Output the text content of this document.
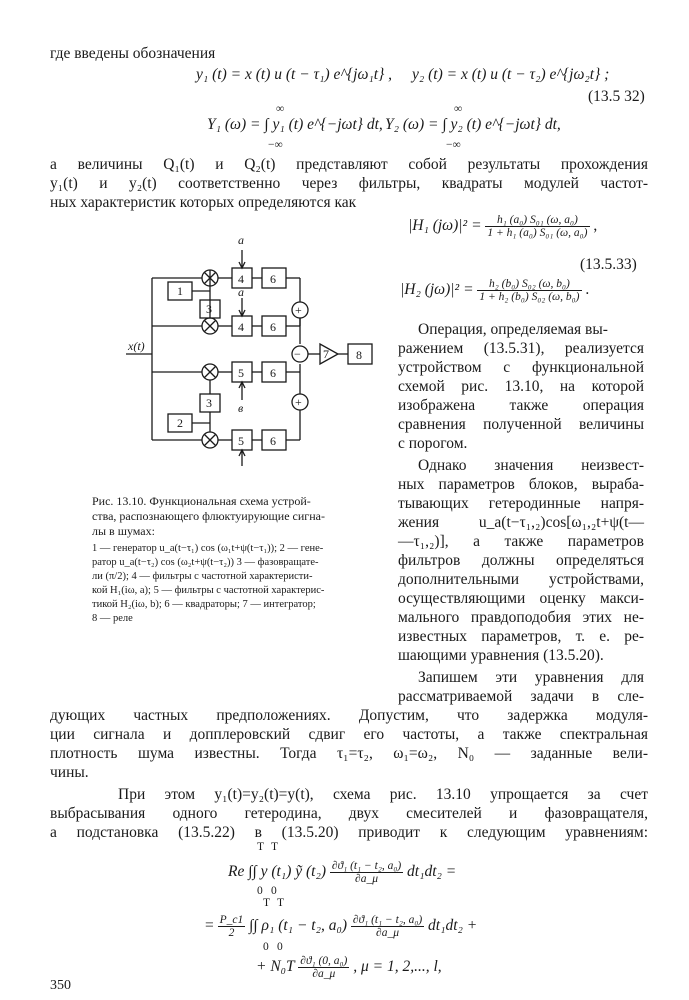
где введены обозначения
y₁ (t) = x (t) u (t − τ₁) e^{jω₁t} , y₂ (t) = x (t) u (t − τ₂) e^{jω₂t} ;
(13.5 32)
Y₁ (ω) = ∫ y₁ (t) e^{−jωt} dt,
∞
−∞
Y₂ (ω) = ∫ y₂ (t) e^{−jωt} dt,
∞
−∞
а величины Q₁(t) и Q₂(t) представляют собой результаты прохождения
y₁(t) и y₂(t) соответственно через фильтры, квадраты модулей частот-
ных характеристик которых определяются как
|H₁ $(j\omega)|^2 = \frac{\text{h₁ (a₀) S₀₁ (ω, a₀)}}{\text{1 + h₁ (a₀) S₀₁ (ω, a₀)}}$ ,
(13.5.33)
|H₂ $(j\omega)|^2 = \frac{\text{h₂ (b₀) S₀₂ (ω, b₀)}}{\text{1 + h₂ (b₀) S₀₂ (ω, b₀)}}$ .
Операция, определяемая вы-
ражением (13.5.31), реализуется
устройством с функциональной
схемой рис. 13.10, на которой
изображена также операция
сравнения полученной величины
с порогом.
Однако значения неизвест-
ных параметров блоков, выраба-
тывающих гетеродинные напря-
жения u_a(t−τ₁,₂)cos[ω₁,₂t+ψ(t—
—τ₁,₂)], а также параметров
фильтров должны определяться
дополнительными устройствами,
осуществляющими оценку макси-
мального правдоподобия этих не-
известных параметров, т. е. ре-
шающими уравнения (13.5.20).
Запишем эти уравнения для
рассматриваемой задачи в сле-
x(t)
1
3
4
a
6
4
a
6
+
5
в
6
3
2
5 6
+
− 7 8
Рис. 13.10. Функциональная схема устрой-
ства, распознающего флюктуирующие сигна-
лы в шумах:
1 — генератор u_a(t−τ₁) cos (ω₁t+ψ(t−τ₁)); 2 — гене-
ратор u_a(t−τ₂) cos (ω₂t+ψ(t−τ₂)) 3 — фазовращате-
ли (π/2); 4 — фильтры с частотной характеристи-
кой H₁(iω, a); 5 — фильтры с частотной характерис-
тикой H₂(iω, b); 6 — квадраторы; 7 — интегратор;
8 — реле
дующих частных предположениях. Допустим, что задержка модуля-
ции сигнала и допплеровский сдвиг его частоты, а также спектральная
плотность шума известны. Тогда τ₁=τ₂, ω₁=ω₂, N₀ — заданные вели-
чины.
При этом y₁(t)=y₂(t)=y(t), схема рис. 13.10 упрощается за счет
выбрасывания одного гетеродина, двух смесителей и фазовращателя,
а подстановка (13.5.22) в (13.5.20) приводит к следующим уравнениям:
T T
Re ∫∫ y (t₁) ỹ $(t_2) \frac{\text{∂ϑ₁ (t₁ − t₂, a₀)}}{\partial a\_\mu} dt_1dt_2$ =
0 0
T T
= $\frac{P\_c1}{2}$ ∫∫ ρ₁ (t₁ − t₂, $a_0) \frac{\text{∂ϑ₁ (t₁ − t₂, a₀)}}{\partial a\_\mu} dt_1dt_2$ +
0 0
+ $N_0T \frac{\text{∂ϑ₁ (0, a₀)}}{\partial a\_\mu}$ , μ = 1, 2,..., l,
350
